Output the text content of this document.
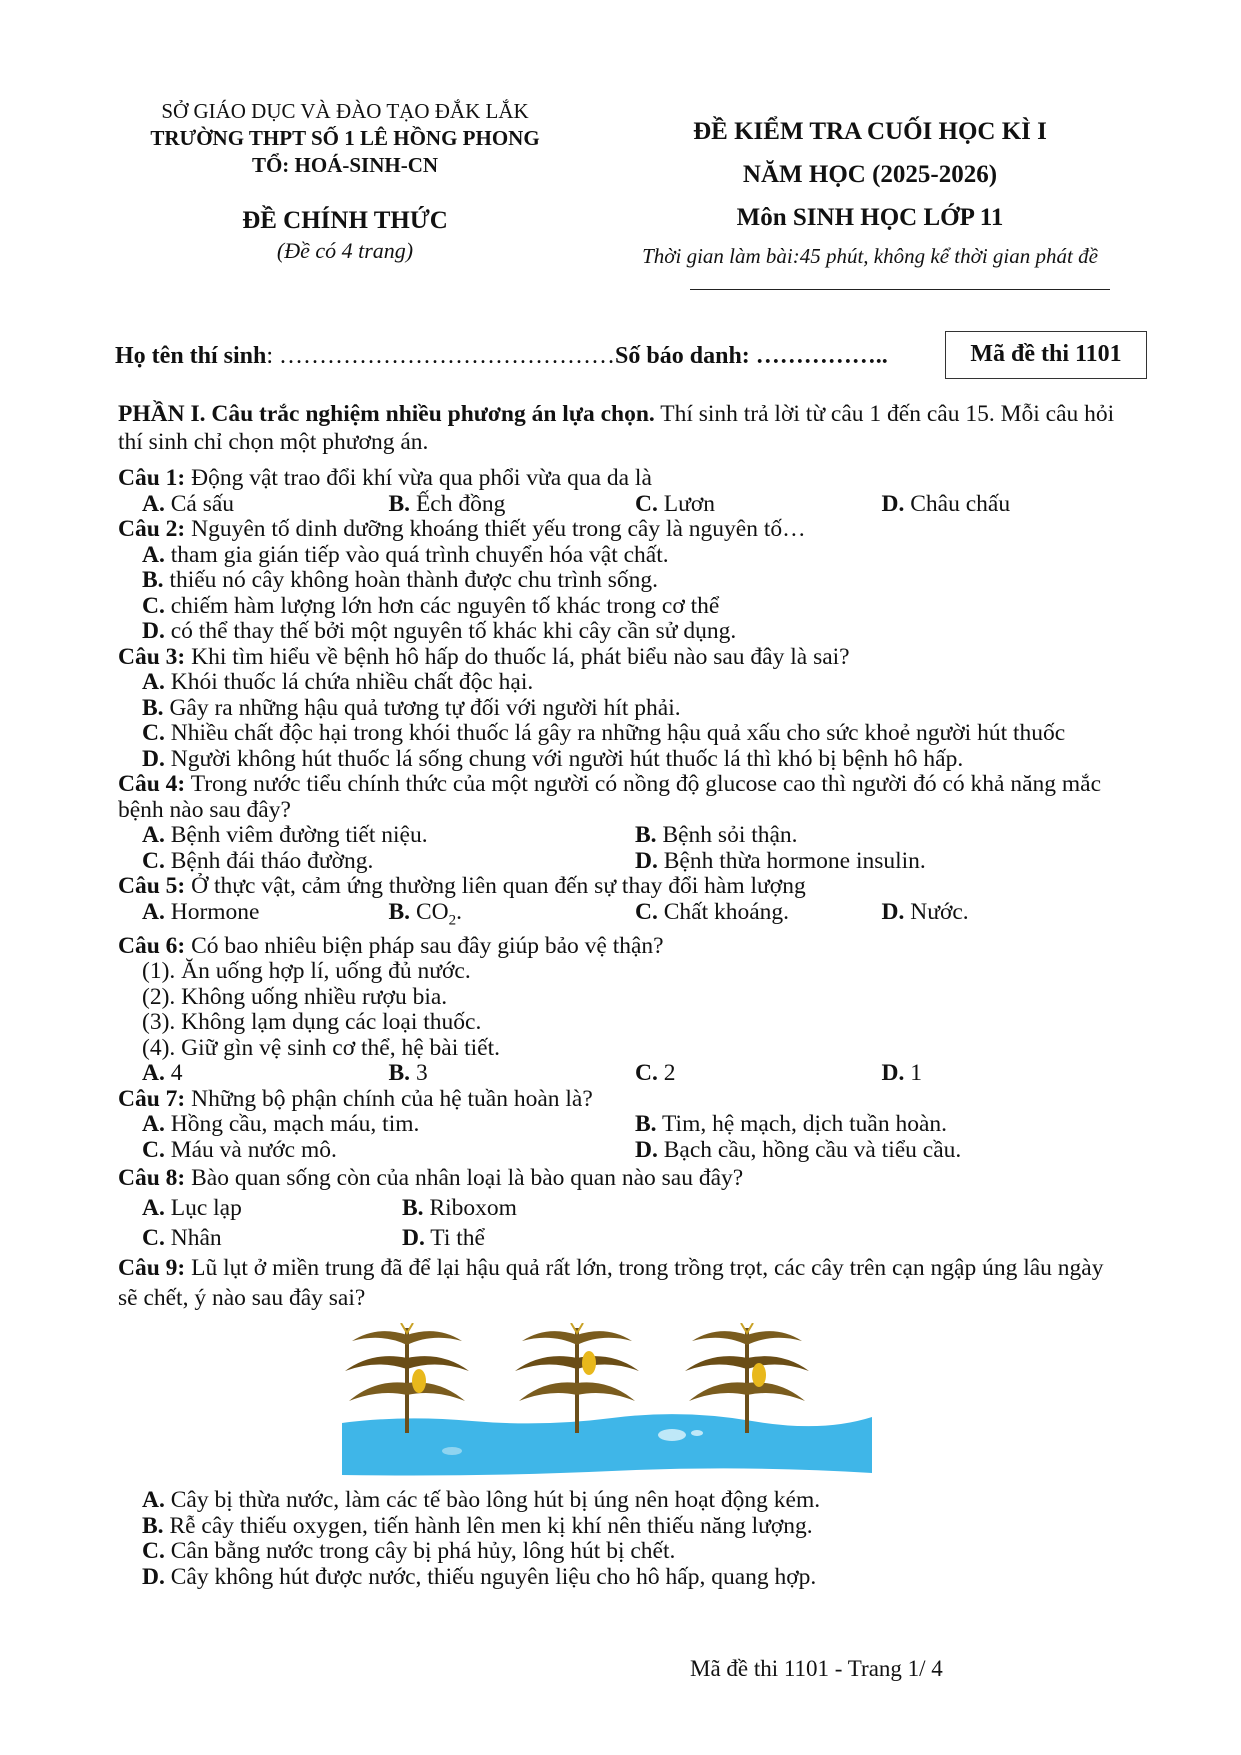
SỞ GIÁO DỤC VÀ ĐÀO TẠO ĐẮK LẮK
TRƯỜNG THPT SỐ 1 LÊ HỒNG PHONG
TỔ: HOÁ-SINH-CN
ĐỀ CHÍNH THỨC
(Đề có 4 trang)
ĐỀ KIỂM TRA CUỐI HỌC KÌ I
NĂM HỌC (2025-2026)
Môn SINH HỌC LỚP 11
Thời gian làm bài:45 phút, không kể thời gian phát đề
Họ tên thí sinh: ……………………………………Số báo danh: ……………..	Mã đề thi 1101

PHẦN I. Câu trắc nghiệm nhiều phương án lựa chọn. Thí sinh trả lời từ câu 1 đến câu 15. Mỗi câu hỏi thí sinh chỉ chọn một phương án.

Câu 1: Động vật trao đổi khí vừa qua phổi vừa qua da là

A. Cá sấu	B. Ếch đồng	C. Lươn	D. Châu chấu

Câu 2: Nguyên tố dinh dưỡng khoáng thiết yếu trong cây là nguyên tố…

A. tham gia gián tiếp vào quá trình chuyển hóa vật chất.
B. thiếu nó cây không hoàn thành được chu trình sống.
C. chiếm hàm lượng lớn hơn các nguyên tố khác trong cơ thể
D. có thể thay thế bởi một nguyên tố khác khi cây cần sử dụng.

Câu 3: Khi tìm hiểu về bệnh hô hấp do thuốc lá, phát biểu nào sau đây là sai?

A. Khói thuốc lá chứa nhiều chất độc hại.
B. Gây ra những hậu quả tương tự đối với người hít phải.
C. Nhiều chất độc hại trong khói thuốc lá gây ra những hậu quả xấu cho sức khoẻ người hút thuốc
D. Người không hút thuốc lá sống chung với người hút thuốc lá thì khó bị bệnh hô hấp.

Câu 4: Trong nước tiểu chính thức của một người có nồng độ glucose cao thì người đó có khả năng mắc bệnh nào sau đây?

A. Bệnh viêm đường tiết niệu.	B. Bệnh sỏi thận.
C. Bệnh đái tháo đường.	D. Bệnh thừa hormone insulin.

Câu 5: Ở thực vật, cảm ứng thường liên quan đến sự thay đổi hàm lượng

A. Hormone	B. $CO_2$.	C. Chất khoáng.	D. Nước.

Câu 6: Có bao nhiêu biện pháp sau đây giúp bảo vệ thận?

(1). Ăn uống hợp lí, uống đủ nước.
(2). Không uống nhiều rượu bia.
(3). Không lạm dụng các loại thuốc.
(4). Giữ gìn vệ sinh cơ thể, hệ bài tiết.
A. 4	B. 3	C. 2	D. 1

Câu 7: Những bộ phận chính của hệ tuần hoàn là?

A. Hồng cầu, mạch máu, tim.	B. Tim, hệ mạch, dịch tuần hoàn.
C. Máu và nước mô.	D. Bạch cầu, hồng cầu và tiểu cầu.

Câu 8: Bào quan sống còn của nhân loại là bào quan nào sau đây?

A. Lục lạp	B. Riboxom
C. Nhân	D. Ti thể

Câu 9: Lũ lụt ở miền trung đã để lại hậu quả rất lớn, trong trồng trọt, các cây trên cạn ngập úng lâu ngày sẽ chết, ý nào sau đây sai?

A. Cây bị thừa nước, làm các tế bào lông hút bị úng nên hoạt động kém.
B. Rễ cây thiếu oxygen, tiến hành lên men kị khí nên thiếu năng lượng.
C. Cân bằng nước trong cây bị phá hủy, lông hút bị chết.
D. Cây không hút được nước, thiếu nguyên liệu cho hô hấp, quang hợp.
Mã đề thi 1101 - Trang 1/ 4
